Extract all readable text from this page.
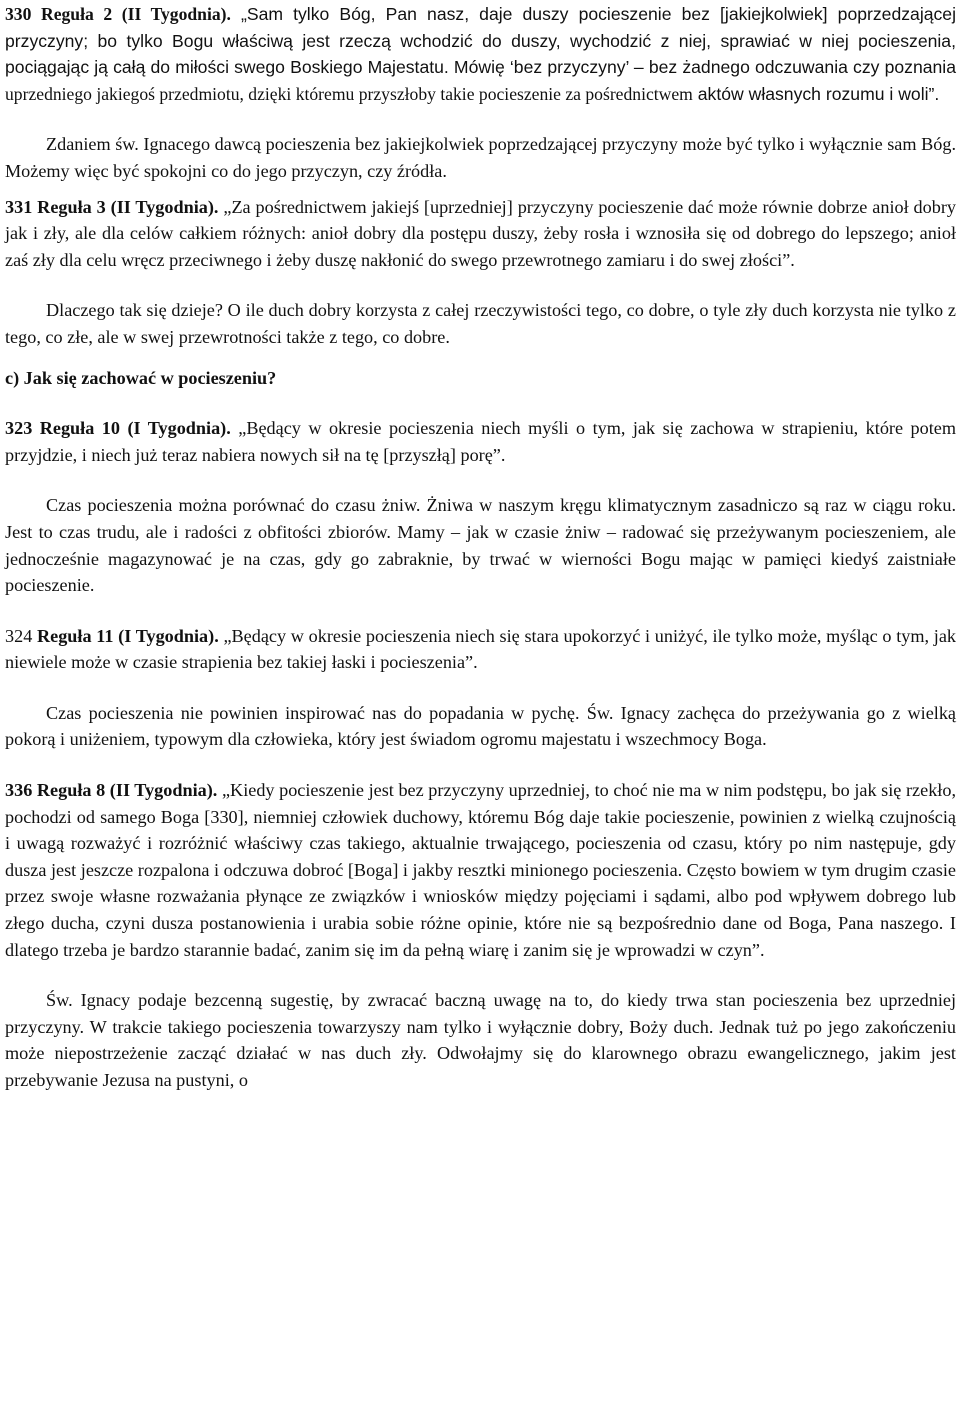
330 Reguła 2 (II Tygodnia). „Sam tylko Bóg, Pan nasz, daje duszy pocieszenie bez [jakiejkolwiek] poprzedzającej przyczyny; bo tylko Bogu właściwą jest rzeczą wchodzić do duszy, wychodzić z niej, sprawiać w niej pocieszenia, pociągając ją całą do miłości swego Boskiego Majestatu. Mówię ‘bez przyczyny’ – bez żadnego odczuwania czy poznania uprzedniego jakiegoś przedmiotu, dzięki któremu przyszłoby takie pocieszenie za pośrednictwem aktów własnych rozumu i woli”.

Zdaniem św. Ignacego dawcą pocieszenia bez jakiejkolwiek poprzedzającej przyczyny może być tylko i wyłącznie sam Bóg. Możemy więc być spokojni co do jego przyczyn, czy źródła.

331 Reguła 3 (II Tygodnia). „Za pośrednictwem jakiejś [uprzedniej] przyczyny pocieszenie dać może równie dobrze anioł dobry jak i zły, ale dla celów całkiem różnych: anioł dobry dla postępu duszy, żeby rosła i wznosiła się od dobrego do lepszego; anioł zaś zły dla celu wręcz przeciwnego i żeby duszę nakłonić do swego przewrotnego zamiaru i do swej złości”.

Dlaczego tak się dzieje? O ile duch dobry korzysta z całej rzeczywistości tego, co dobre, o tyle zły duch korzysta nie tylko z tego, co złe, ale w swej przewrotności także z tego, co dobre.

c) Jak się zachować w pocieszeniu?

323 Reguła 10 (I Tygodnia). „Będący w okresie pocieszenia niech myśli o tym, jak się zachowa w strapieniu, które potem przyjdzie, i niech już teraz nabiera nowych sił na tę [przyszłą] porę”.

Czas pocieszenia można porównać do czasu żniw. Żniwa w naszym kręgu klimatycznym zasadniczo są raz w ciągu roku. Jest to czas trudu, ale i radości z obfitości zbiorów. Mamy – jak w czasie żniw – radować się przeżywanym pocieszeniem, ale jednocześnie magazynować je na czas, gdy go zabraknie, by trwać w wierności Bogu mając w pamięci kiedyś zaistniałe pocieszenie.

324 Reguła 11 (I Tygodnia). „Będący w okresie pocieszenia niech się stara upokorzyć i uniżyć, ile tylko może, myśląc o tym, jak niewiele może w czasie strapienia bez takiej łaski i pocieszenia”.

Czas pocieszenia nie powinien inspirować nas do popadania w pychę. Św. Ignacy zachęca do przeżywania go z wielką pokorą i uniżeniem, typowym dla człowieka, który jest świadom ogromu majestatu i wszechmocy Boga.

336 Reguła 8 (II Tygodnia). „Kiedy pocieszenie jest bez przyczyny uprzedniej, to choć nie ma w nim podstępu, bo jak się rzekło, pochodzi od samego Boga [330], niemniej człowiek duchowy, któremu Bóg daje takie pocieszenie, powinien z wielką czujnością i uwagą rozważyć i rozróżnić właściwy czas takiego, aktualnie trwającego, pocieszenia od czasu, który po nim następuje, gdy dusza jest jeszcze rozpalona i odczuwa dobroć [Boga] i jakby resztki minionego pocieszenia. Często bowiem w tym drugim czasie przez swoje własne rozważania płynące ze związków i wniosków między pojęciami i sądami, albo pod wpływem dobrego lub złego ducha, czyni dusza postanowienia i urabia sobie różne opinie, które nie są bezpośrednio dane od Boga, Pana naszego. I dlatego trzeba je bardzo starannie badać, zanim się im da pełną wiarę i zanim się je wprowadzi w czyn”.

Św. Ignacy podaje bezcenną sugestię, by zwracać baczną uwagę na to, do kiedy trwa stan pocieszenia bez uprzedniej przyczyny. W trakcie takiego pocieszenia towarzyszy nam tylko i wyłącznie dobry, Boży duch. Jednak tuż po jego zakończeniu może niepostrzeżenie zacząć działać w nas duch zły. Odwołajmy się do klarownego obrazu ewangelicznego, jakim jest przebywanie Jezusa na pustyni, o
